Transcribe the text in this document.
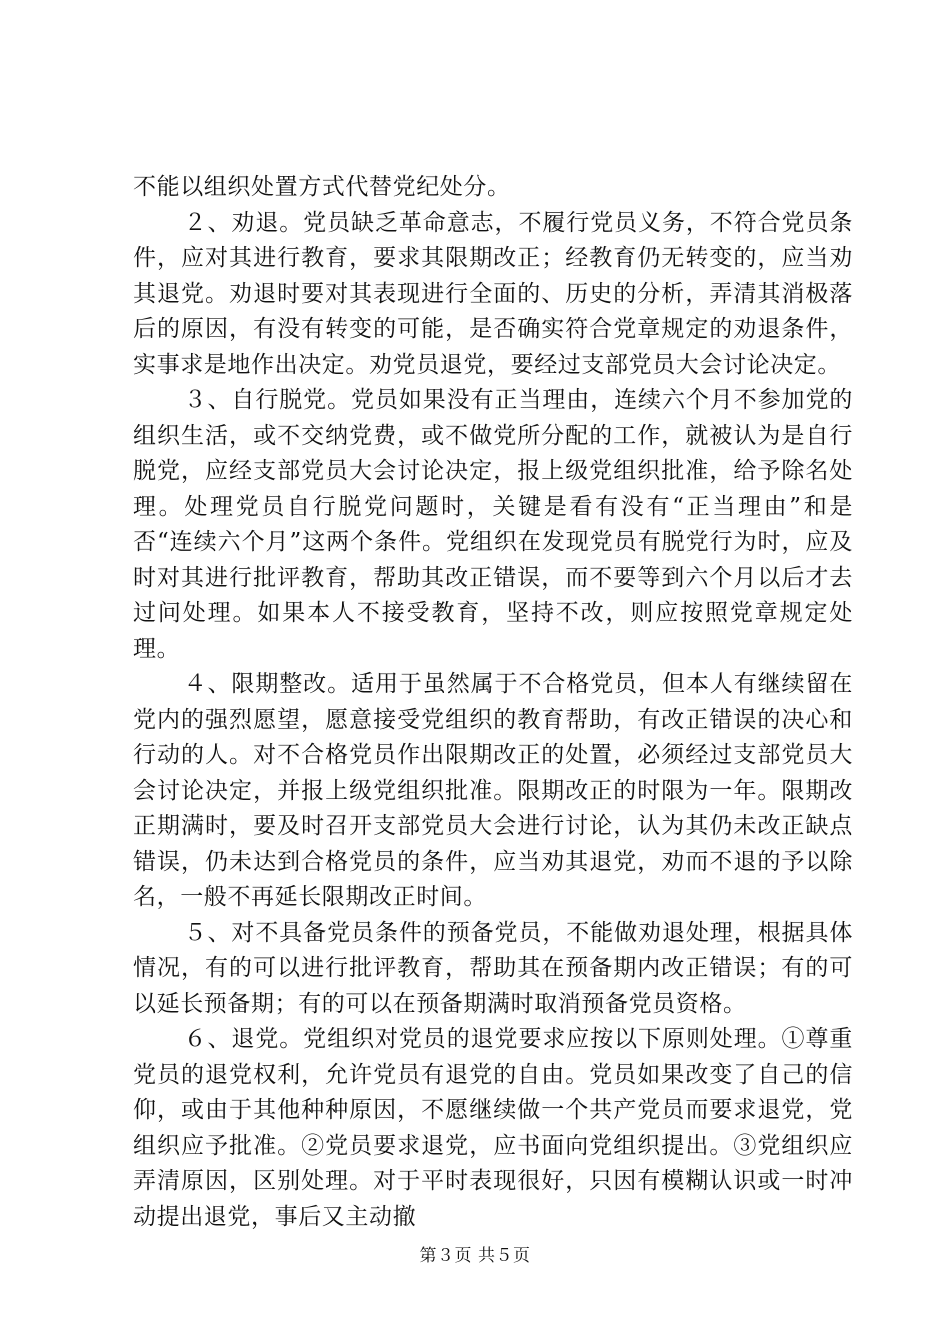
不能以组织处置方式代替党纪处分。

２、劝退。党员缺乏革命意志，不履行党员义务，不符合党员条件，应对其进行教育，要求其限期改正；经教育仍无转变的，应当劝其退党。劝退时要对其表现进行全面的、历史的分析，弄清其消极落后的原因，有没有转变的可能，是否确实符合党章规定的劝退条件，实事求是地作出决定。劝党员退党，要经过支部党员大会讨论决定。

３、自行脱党。党员如果没有正当理由，连续六个月不参加党的组织生活，或不交纳党费，或不做党所分配的工作，就被认为是自行脱党，应经支部党员大会讨论决定，报上级党组织批准，给予除名处理。处理党员自行脱党问题时，关键是看有没有“正当理由”和是否“连续六个月”这两个条件。党组织在发现党员有脱党行为时，应及时对其进行批评教育，帮助其改正错误，而不要等到六个月以后才去过问处理。如果本人不接受教育，坚持不改，则应按照党章规定处理。

４、限期整改。适用于虽然属于不合格党员，但本人有继续留在党内的强烈愿望，愿意接受党组织的教育帮助，有改正错误的决心和行动的人。对不合格党员作出限期改正的处置，必须经过支部党员大会讨论决定，并报上级党组织批准。限期改正的时限为一年。限期改正期满时，要及时召开支部党员大会进行讨论，认为其仍未改正缺点错误，仍未达到合格党员的条件，应当劝其退党，劝而不退的予以除名，一般不再延长限期改正时间。

５、对不具备党员条件的预备党员，不能做劝退处理，根据具体情况，有的可以进行批评教育，帮助其在预备期内改正错误；有的可以延长预备期；有的可以在预备期满时取消预备党员资格。

６、退党。党组织对党员的退党要求应按以下原则处理。①尊重党员的退党权利，允许党员有退党的自由。党员如果改变了自己的信仰，或由于其他种种原因，不愿继续做一个共产党员而要求退党，党组织应予批准。②党员要求退党，应书面向党组织提出。③党组织应弄清原因，区别处理。对于平时表现很好，只因有模糊认识或一时冲动提出退党，事后又主动撤

第３页 共５页
